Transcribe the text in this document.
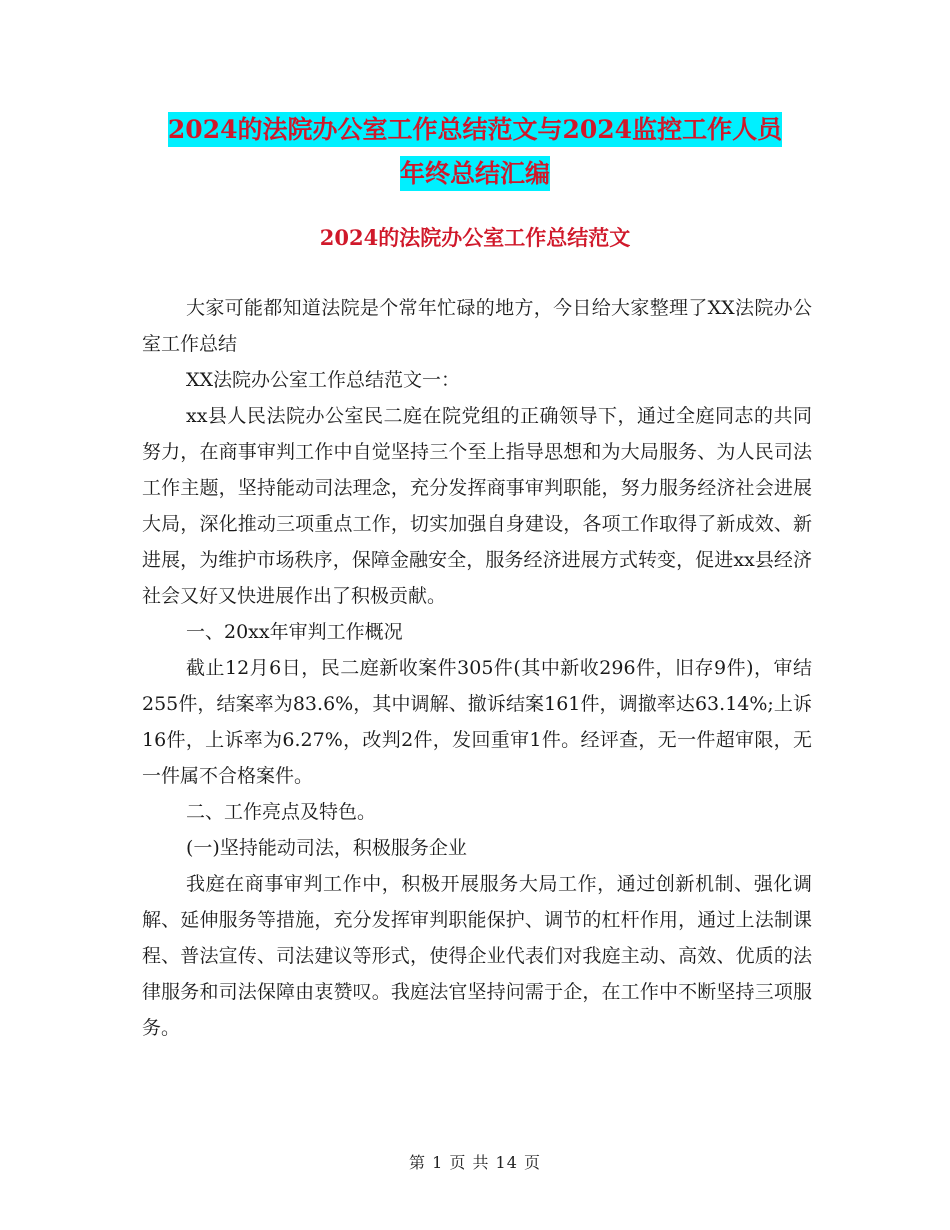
2024的法院办公室工作总结范文与2024监控工作人员
年终总结汇编
2024的法院办公室工作总结范文

大家可能都知道法院是个常年忙碌的地方，今日给大家整理了XX法院办公室工作总结

XX法院办公室工作总结范文一：

xx县人民法院办公室民二庭在院党组的正确领导下，通过全庭同志的共同努力，在商事审判工作中自觉坚持三个至上指导思想和为大局服务、为人民司法工作主题，坚持能动司法理念，充分发挥商事审判职能，努力服务经济社会进展大局，深化推动三项重点工作，切实加强自身建设，各项工作取得了新成效、新进展，为维护市场秩序，保障金融安全，服务经济进展方式转变，促进xx县经济社会又好又快进展作出了积极贡献。

一、20xx年审判工作概况

截止12月6日，民二庭新收案件305件(其中新收296件，旧存9件)，审结255件，结案率为83.6%，其中调解、撤诉结案161件，调撤率达63.14%;上诉16件，上诉率为6.27%，改判2件，发回重审1件。经评查，无一件超审限，无一件属不合格案件。

二、工作亮点及特色。

(一)坚持能动司法，积极服务企业

我庭在商事审判工作中，积极开展服务大局工作，通过创新机制、强化调解、延伸服务等措施，充分发挥审判职能保护、调节的杠杆作用，通过上法制课程、普法宣传、司法建议等形式，使得企业代表们对我庭主动、高效、优质的法律服务和司法保障由衷赞叹。我庭法官坚持问需于企，在工作中不断坚持三项服务。

第 1 页 共 14 页
